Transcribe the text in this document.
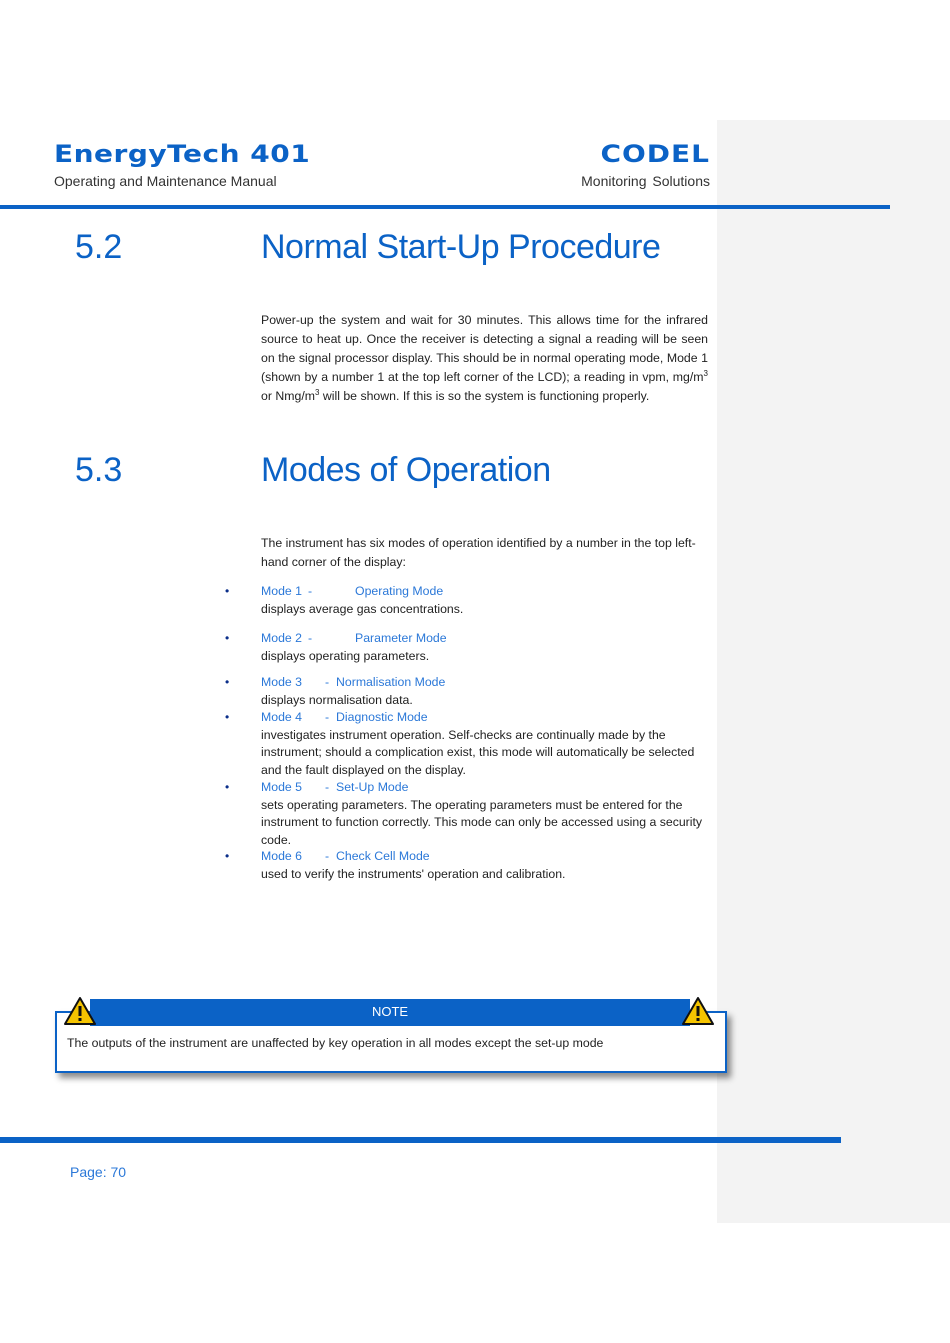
EnergyTech 401
Operating and Maintenance Manual
CODEL
Monitoring Solutions
5.2	Normal Start-Up Procedure
Power-up the system and wait for 30 minutes. This allows time for the infrared source to heat up. Once the receiver is detecting a signal a reading will be seen on the signal processor display. This should be in normal operating mode, Mode 1 (shown by a number 1 at the top left corner of the LCD); a reading in vpm, $mg/m^3$ or Nmg/$m^3$ will be shown. If this is so the system is functioning properly.
5.3	Modes of Operation
The instrument has six modes of operation identified by a number in the top left-hand corner of the display:
•	Mode 1 -	Operating Mode
displays average gas concentrations.
•	Mode 2 -	Parameter Mode
displays operating parameters.
•	Mode 3 - Normalisation Mode
displays normalisation data.
•	Mode 4 - Diagnostic Mode
investigates instrument operation. Self-checks are continually made by the instrument; should a complication exist, this mode will automatically be selected and the fault displayed on the display.
•	Mode 5 - Set-Up Mode
sets operating parameters. The operating parameters must be entered for the instrument to function correctly. This mode can only be accessed using a security code.
•	Mode 6 - Check Cell Mode
used to verify the instruments' operation and calibration.
NOTE
The outputs of the instrument are unaffected by key operation in all modes except the set-up mode
Page: 70
